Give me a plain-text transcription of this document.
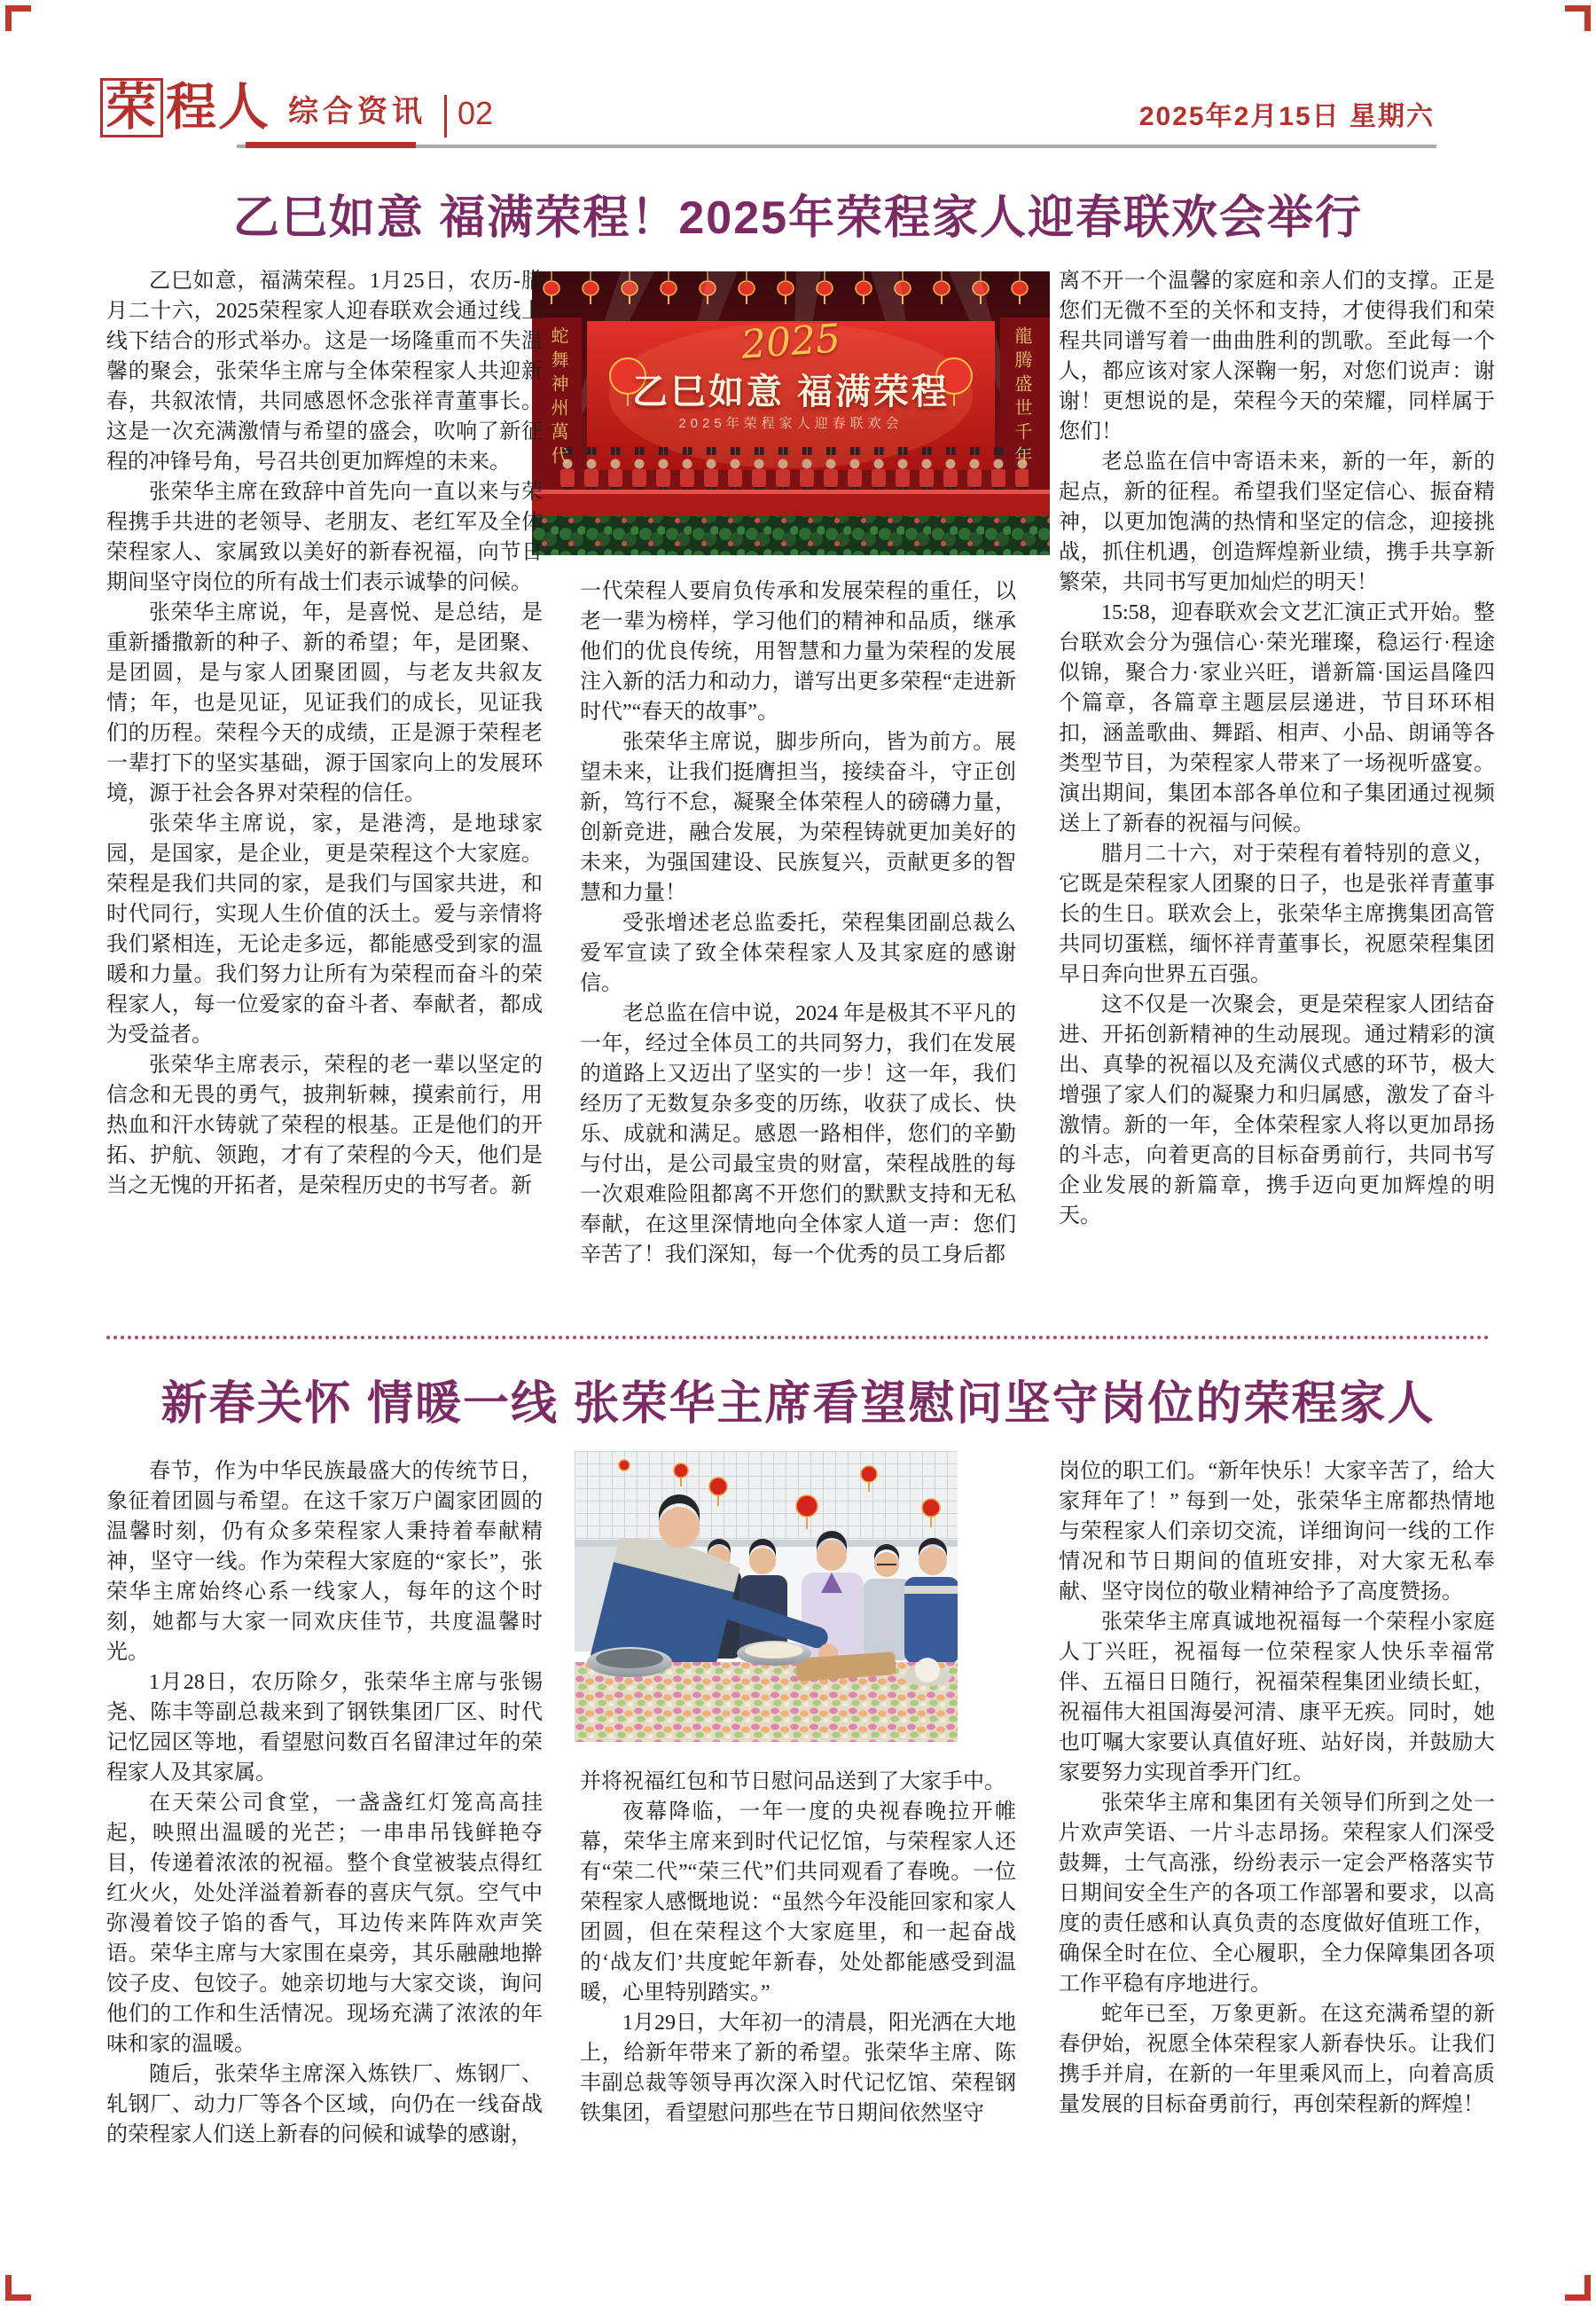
荣 程人 综合资讯 02	2025年2月15日 星期六
乙巳如意 福满荣程！2025年荣程家人迎春联欢会举行
2025
乙巳如意 福满荣程
2025年荣程家人迎春联欢会
蛇舞神州萬代	龍腾盛世千年

乙巳如意，福满荣程。1月25日，农历-腊月二十六，2025荣程家人迎春联欢会通过线上线下结合的形式举办。这是一场隆重而不失温馨的聚会，张荣华主席与全体荣程家人共迎新春，共叙浓情，共同感恩怀念张祥青董事长。这是一次充满激情与希望的盛会，吹响了新征程的冲锋号角，号召共创更加辉煌的未来。

张荣华主席在致辞中首先向一直以来与荣程携手共进的老领导、老朋友、老红军及全体荣程家人、家属致以美好的新春祝福，向节日期间坚守岗位的所有战士们表示诚挚的问候。

张荣华主席说，年，是喜悦、是总结，是重新播撒新的种子、新的希望；年，是团聚、是团圆，是与家人团聚团圆，与老友共叙友情；年，也是见证，见证我们的成长，见证我们的历程。荣程今天的成绩，正是源于荣程老一辈打下的坚实基础，源于国家向上的发展环境，源于社会各界对荣程的信任。

张荣华主席说，家，是港湾，是地球家园，是国家，是企业，更是荣程这个大家庭。荣程是我们共同的家，是我们与国家共进，和时代同行，实现人生价值的沃土。爱与亲情将我们紧相连，无论走多远，都能感受到家的温暖和力量。我们努力让所有为荣程而奋斗的荣程家人，每一位爱家的奋斗者、奉献者，都成为受益者。

张荣华主席表示，荣程的老一辈以坚定的信念和无畏的勇气，披荆斩棘，摸索前行，用热血和汗水铸就了荣程的根基。正是他们的开拓、护航、领跑，才有了荣程的今天，他们是当之无愧的开拓者，是荣程历史的书写者。新

一代荣程人要肩负传承和发展荣程的重任，以老一辈为榜样，学习他们的精神和品质，继承他们的优良传统，用智慧和力量为荣程的发展注入新的活力和动力，谱写出更多荣程“走进新时代”“春天的故事”。

张荣华主席说，脚步所向，皆为前方。展望未来，让我们挺膺担当，接续奋斗，守正创新，笃行不怠，凝聚全体荣程人的磅礴力量，创新竞进，融合发展，为荣程铸就更加美好的未来，为强国建设、民族复兴，贡献更多的智慧和力量！

受张增述老总监委托，荣程集团副总裁么爱军宣读了致全体荣程家人及其家庭的感谢信。

老总监在信中说，2024 年是极其不平凡的一年，经过全体员工的共同努力，我们在发展的道路上又迈出了坚实的一步！这一年，我们经历了无数复杂多变的历练，收获了成长、快乐、成就和满足。感恩一路相伴，您们的辛勤与付出，是公司最宝贵的财富，荣程战胜的每一次艰难险阻都离不开您们的默默支持和无私奉献，在这里深情地向全体家人道一声：您们辛苦了！我们深知，每一个优秀的员工身后都

离不开一个温馨的家庭和亲人们的支撑。正是您们无微不至的关怀和支持，才使得我们和荣程共同谱写着一曲曲胜利的凯歌。至此每一个人，都应该对家人深鞠一躬，对您们说声：谢谢！更想说的是，荣程今天的荣耀，同样属于您们！

老总监在信中寄语未来，新的一年，新的起点，新的征程。希望我们坚定信心、振奋精神，以更加饱满的热情和坚定的信念，迎接挑战，抓住机遇，创造辉煌新业绩，携手共享新繁荣，共同书写更加灿烂的明天！

15:58，迎春联欢会文艺汇演正式开始。整台联欢会分为强信心·荣光璀璨，稳运行·程途似锦，聚合力·家业兴旺，谱新篇·国运昌隆四个篇章，各篇章主题层层递进，节目环环相扣，涵盖歌曲、舞蹈、相声、小品、朗诵等各类型节目，为荣程家人带来了一场视听盛宴。演出期间，集团本部各单位和子集团通过视频送上了新春的祝福与问候。

腊月二十六，对于荣程有着特别的意义，它既是荣程家人团聚的日子，也是张祥青董事长的生日。联欢会上，张荣华主席携集团高管共同切蛋糕，缅怀祥青董事长，祝愿荣程集团早日奔向世界五百强。

这不仅是一次聚会，更是荣程家人团结奋进、开拓创新精神的生动展现。通过精彩的演出、真挚的祝福以及充满仪式感的环节，极大增强了家人们的凝聚力和归属感，激发了奋斗激情。新的一年，全体荣程家人将以更加昂扬的斗志，向着更高的目标奋勇前行，共同书写企业发展的新篇章，携手迈向更加辉煌的明天。

新春关怀 情暖一线 张荣华主席看望慰问坚守岗位的荣程家人

春节，作为中华民族最盛大的传统节日，象征着团圆与希望。在这千家万户阖家团圆的温馨时刻，仍有众多荣程家人秉持着奉献精神，坚守一线。作为荣程大家庭的“家长”，张荣华主席始终心系一线家人，每年的这个时刻，她都与大家一同欢庆佳节，共度温馨时光。

1月28日，农历除夕，张荣华主席与张锡尧、陈丰等副总裁来到了钢铁集团厂区、时代记忆园区等地，看望慰问数百名留津过年的荣程家人及其家属。

在天荣公司食堂，一盏盏红灯笼高高挂起，映照出温暖的光芒；一串串吊钱鲜艳夺目，传递着浓浓的祝福。整个食堂被装点得红红火火，处处洋溢着新春的喜庆气氛。空气中弥漫着饺子馅的香气，耳边传来阵阵欢声笑语。荣华主席与大家围在桌旁，其乐融融地擀饺子皮、包饺子。她亲切地与大家交谈，询问他们的工作和生活情况。现场充满了浓浓的年味和家的温暖。

随后，张荣华主席深入炼铁厂、炼钢厂、轧钢厂、动力厂等各个区域，向仍在一线奋战的荣程家人们送上新春的问候和诚挚的感谢，

并将祝福红包和节日慰问品送到了大家手中。

夜幕降临，一年一度的央视春晚拉开帷幕，荣华主席来到时代记忆馆，与荣程家人还有“荣二代”“荣三代”们共同观看了春晚。一位荣程家人感慨地说：“虽然今年没能回家和家人团圆，但在荣程这个大家庭里，和一起奋战的‘战友们’共度蛇年新春，处处都能感受到温暖，心里特别踏实。”

1月29日，大年初一的清晨，阳光洒在大地上，给新年带来了新的希望。张荣华主席、陈丰副总裁等领导再次深入时代记忆馆、荣程钢铁集团，看望慰问那些在节日期间依然坚守

岗位的职工们。“新年快乐！大家辛苦了，给大家拜年了！” 每到一处，张荣华主席都热情地与荣程家人们亲切交流，详细询问一线的工作情况和节日期间的值班安排，对大家无私奉献、坚守岗位的敬业精神给予了高度赞扬。

张荣华主席真诚地祝福每一个荣程小家庭人丁兴旺，祝福每一位荣程家人快乐幸福常伴、五福日日随行，祝福荣程集团业绩长虹，祝福伟大祖国海晏河清、康平无疾。同时，她也叮嘱大家要认真值好班、站好岗，并鼓励大家要努力实现首季开门红。

张荣华主席和集团有关领导们所到之处一片欢声笑语、一片斗志昂扬。荣程家人们深受鼓舞，士气高涨，纷纷表示一定会严格落实节日期间安全生产的各项工作部署和要求，以高度的责任感和认真负责的态度做好值班工作，确保全时在位、全心履职，全力保障集团各项工作平稳有序地进行。

蛇年已至，万象更新。在这充满希望的新春伊始，祝愿全体荣程家人新春快乐。让我们携手并肩，在新的一年里乘风而上，向着高质量发展的目标奋勇前行，再创荣程新的辉煌！
